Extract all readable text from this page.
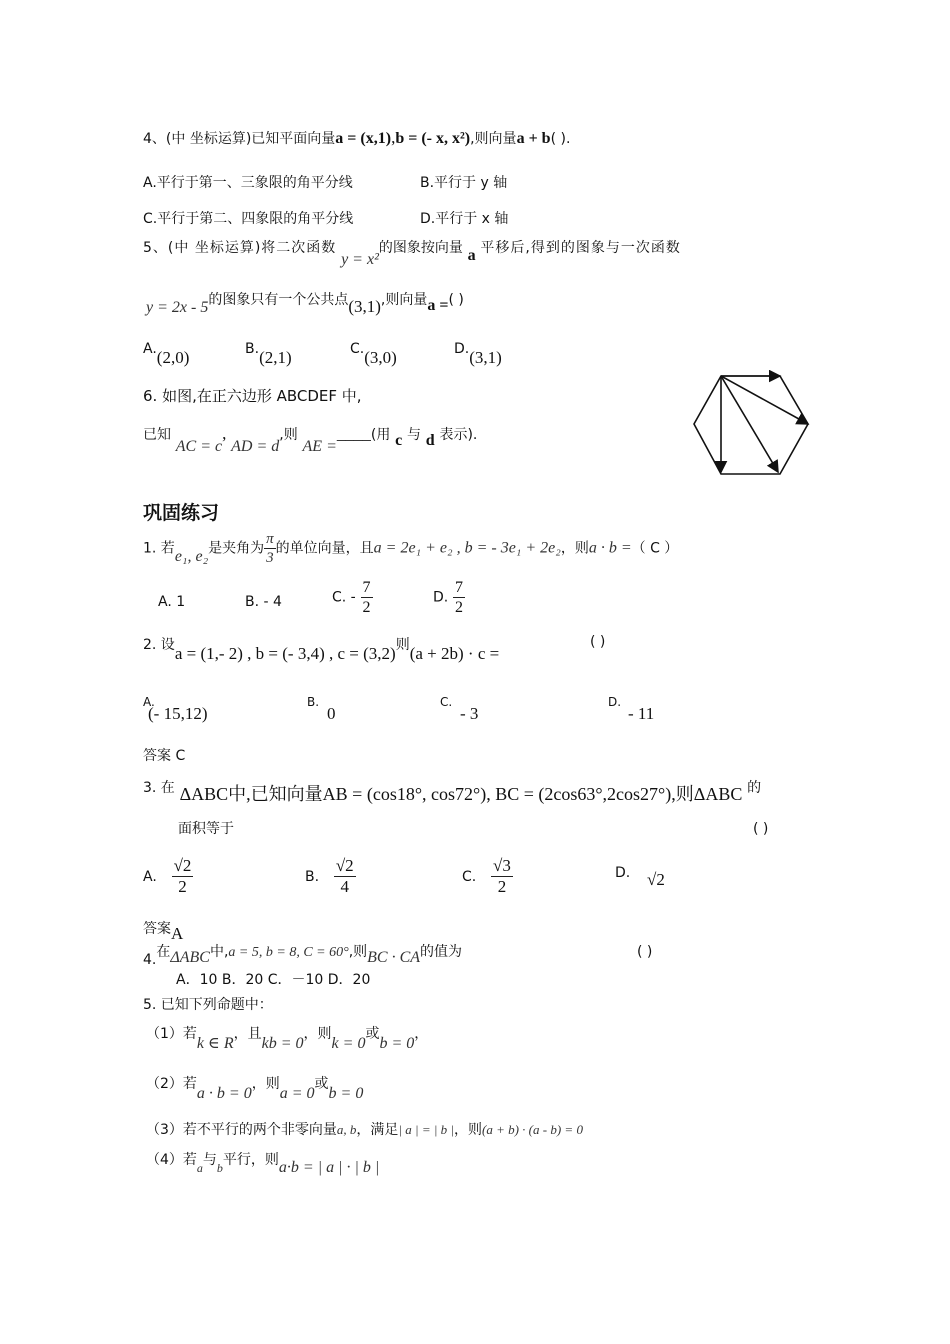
4、(中 坐标运算)已知平面向量a = (x,1),b = (- x, x²),则向量a + b( ).
A.平行于第一、三象限的角平分线	B.平行于 y 轴
C.平行于第二、四象限的角平分线	D.平行于 x 轴
5、(中 坐标运算)将二次函数 y = x²的图象按向量 a 平移后,得到的图象与一次函数
y = 2x - 5的图象只有一个公共点(3,1),则向量a =( )
A.(2,0)	B.(2,1)	C.(3,0)	D.(3,1)
6. 如图,在正六边形 ABCDEF 中,
已知 AC = c, AD = d,则 AE =____(用 c 与 d 表示).
巩固练习
1. 若e₁, e₂是夹角为 $\frac{\pi}{3}$ 的单位向量，且a = 2e₁ + e₂ , b = - 3e₁ + 2e₂，则a · b =（ C ）
A. 1	B. - 4	C. - $\frac{7}{2}$	D. $\frac{7}{2}$
2. 设a = (1,- 2) , b = (- 3,4) , c = (3,2)则(a + 2b) · c =
( )
A.
(- 15,12)
B.
0
C.
- 3
D.
- 11
答案 C
3. 在 ΔABC中,已知向量AB = (cos18°, cos72°), BC = (2cos63°,2cos27°),则ΔABC 的
面积等于	( )
A. $\frac{√2}{2}$	B. $\frac{√2}{4}$	C. $\frac{√3}{2}$	D. √2
答案A
4.在ΔABC中,a = 5, b = 8, C = 60°,则BC · CA的值为	( )
A．10 B．20 C．－10 D．20
5. 已知下列命题中：
（1）若k ∈ R，且kb = 0，则k = 0或b = 0，
（2）若a · b = 0，则a = 0或b = 0
（3）若不平行的两个非零向量a, b，满足| a | = | b |，则(a + b) · (a - b) = 0
（4）若$_a$与$_b$平行，则a·b = | a | · | b |
